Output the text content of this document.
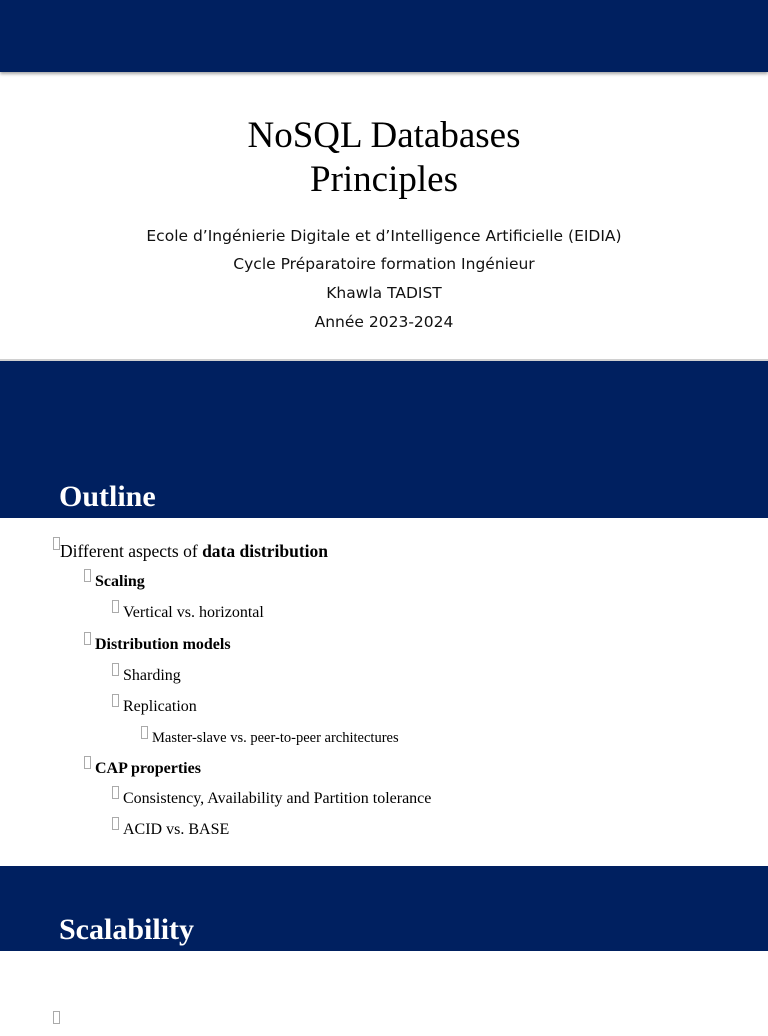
NoSQL Databases
Principles
Ecole d’Ingénierie Digitale et d’Intelligence Artificielle (EIDIA)
Cycle Préparatoire formation Ingénieur
Khawla TADIST
Année 2023-2024
Outline
Different aspects of data distribution
Scaling
Vertical vs. horizontal
Distribution models
Sharding
Replication
Master-slave vs. peer-to-peer architectures
CAP properties
Consistency, Availability and Partition tolerance
ACID vs. BASE
Scalability
